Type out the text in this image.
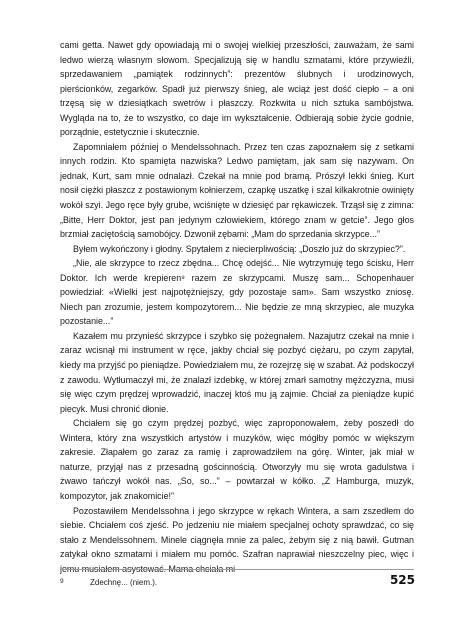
cami getta. Nawet gdy opowiadają mi o swojej wielkiej przeszłości, zauważam, że sami ledwo wierzą własnym słowom. Specjalizują się w handlu szmatami, które przywieźli, sprzedawaniem „pamiątek rodzinnych”: prezentów ślubnych i urodzinowych, pierścionków, zegarków. Spadł już pierwszy śnieg, ale wciąż jest dość ciepło – a oni trzęsą się w dziesiątkach swetrów i płaszczy. Rozkwita u nich sztuka sambójstwa. Wygląda na to, że to wszystko, co daje im wykształcenie. Odbierają sobie życie godnie, porządnie, estetycznie i skutecznie.

Zapomniałem później o Mendelssohnach. Przez ten czas zapoznałem się z setkami innych rodzin. Kto spamięta nazwiska? Ledwo pamiętam, jak sam się nazywam. On jednak, Kurt, sam mnie odnalazł. Czekał na mnie pod bramą. Prószył lekki śnieg. Kurt nosił ciężki płaszcz z postawionym kołnierzem, czapkę uszatkę i szal kilkakrotnie owinięty wokół szyi. Jego ręce były grube, wciśnięte w dziesięć par rękawiczek. Trząsł się z zimna: „Bitte, Herr Doktor, jest pan jedynym człowiekiem, którego znam w getcie”. Jego głos brzmiał zaciętością samobójcy. Dzwonił zębami: „Mam do sprzedania skrzypce...”

Byłem wykończony i głodny. Spytałem z niecierpliwością: „Doszło już do skrzypiec?”.

„Nie, ale skrzypce to rzecz zbędna... Chcę odejść... Nie wytrzymuję tego ścisku, Herr Doktor. Ich werde krepieren⁹ razem ze skrzypcami. Muszę sam... Schopenhauer powiedział: «Wielki jest najpotężniejszy, gdy pozostaje sam». Sam wszystko zniosę. Niech pan zrozumie, jestem kompozytorem... Nie będzie ze mną skrzypiec, ale muzyka pozostanie...”

Kazałem mu przynieść skrzypce i szybko się pożegnałem. Nazajutrz czekał na mnie i zaraz wcisnął mi instrument w ręce, jakby chciał się pozbyć ciężaru, po czym zapytał, kiedy ma przyjść po pieniądze. Powiedziałem mu, że rozejrzę się w szabat. Aż podskoczył z zawodu. Wytłumaczył mi, że znalazł izdebkę, w której zmarł samotny mężczyzna, musi się więc czym prędzej wprowadzić, inaczej ktoś mu ją zajmie. Chciał za pieniądze kupić piecyk. Musi chronić dłonie.

Chciałem się go czym prędzej pozbyć, więc zaproponowałem, żeby poszedł do Wintera, który zna wszystkich artystów i muzyków, więc mógłby pomóc w większym zakresie. Złapałem go zaraz za ramię i zaprowadziłem na górę. Winter, jak miał w naturze, przyjął nas z przesadną gościnnością. Otworzyły mu się wrota gadulstwa i żwawo tańczył wokół nas. „So, so...” – powtarzał w kółko. „Z Hamburga, muzyk, kompozytor, jak znakomicie!”

Pozostawiłem Mendelssohna i jego skrzypce w rękach Wintera, a sam zszedłem do siebie. Chciałem coś zjeść. Po jedzeniu nie miałem specjalnej ochoty sprawdzać, co się stało z Mendelssohnem. Minele ciągnęła mnie za palec, żebym się z nią bawił. Gutman zatykał okno szmatami i miałem mu pomóc. Szafran naprawiał nieszczelny piec, więc i jemu musiałem asystować. Mama chciała mi

9	Zdechnę... (niem.).	525
